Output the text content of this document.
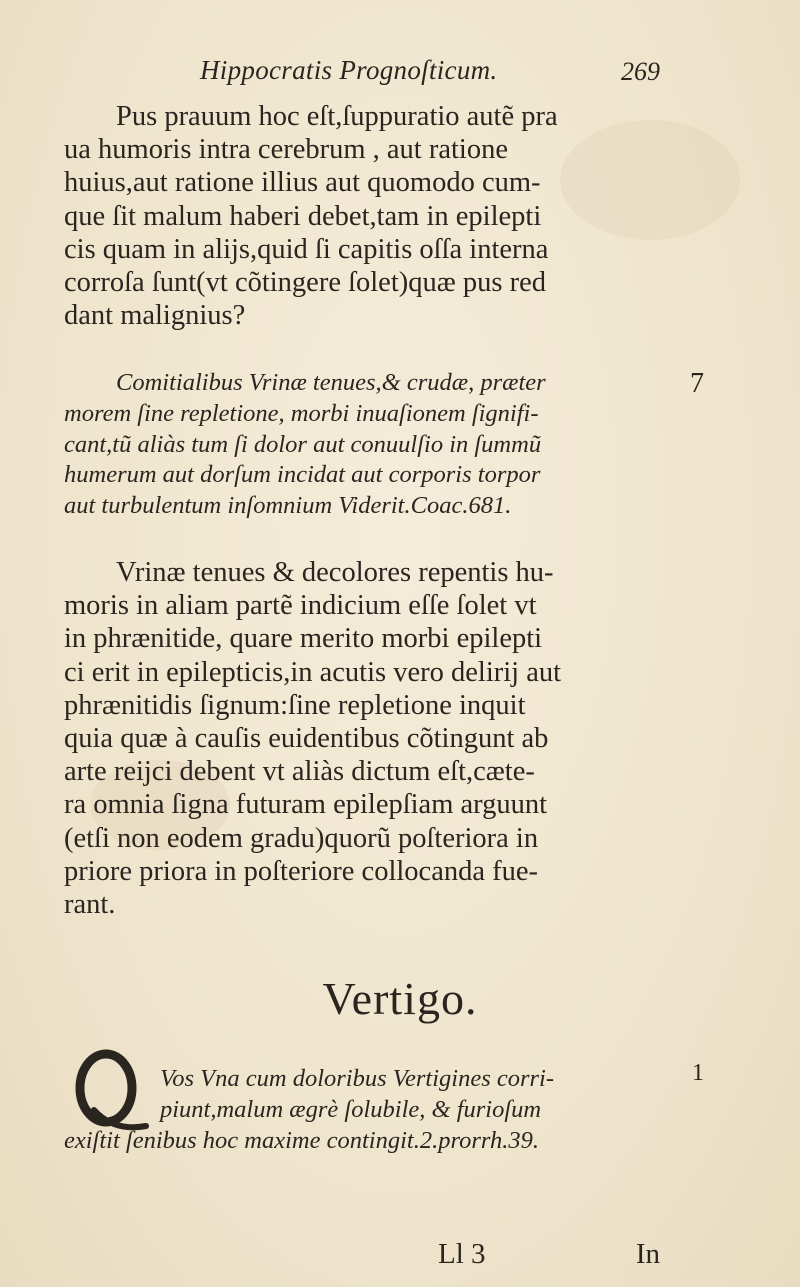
Hippocratis Prognoſticum.	269
Pus prauum hoc eſt,ſuppuratio autẽ pra
ua humoris intra cerebrum , aut ratione
huius,aut ratione illius aut quomodo cum-
que ſit malum haberi debet,tam in epilepti
cis quam in alijs,quid ſi capitis oſſa interna
corroſa ſunt(vt cõtingere ſolet)quæ pus red
dant malignius?
Comitialibus Vrinæ tenues,& crudæ, præter
morem ſine repletione, morbi inuaſionem ſignifi-
cant,tũ aliàs tum ſi dolor aut conuulſio in ſummũ
humerum aut dorſum incidat aut corporis torpor
aut turbulentum inſomnium Viderit.Coac.681.
7
Vrinæ tenues & decolores repentis hu-
moris in aliam partẽ indicium eſſe ſolet vt
in phrænitide, quare merito morbi epilepti
ci erit in epilepticis,in acutis vero delirij aut
phrænitidis ſignum:ſine repletione inquit
quia quæ à cauſis euidentibus cõtingunt ab
arte reijci debent vt aliàs dictum eſt,cæte-
ra omnia ſigna futuram epilepſiam arguunt
(etſi non eodem gradu)quorũ poſteriora in
priore priora in poſteriore collocanda fue-
rant.
Vertigo.
Vos Vna cum doloribus Vertigines corri-
piunt,malum ægrè ſolubile, & furioſum
exiſtit ſenibus hoc maxime contingit.2.prorrh.39.
1
Ll 3	In
